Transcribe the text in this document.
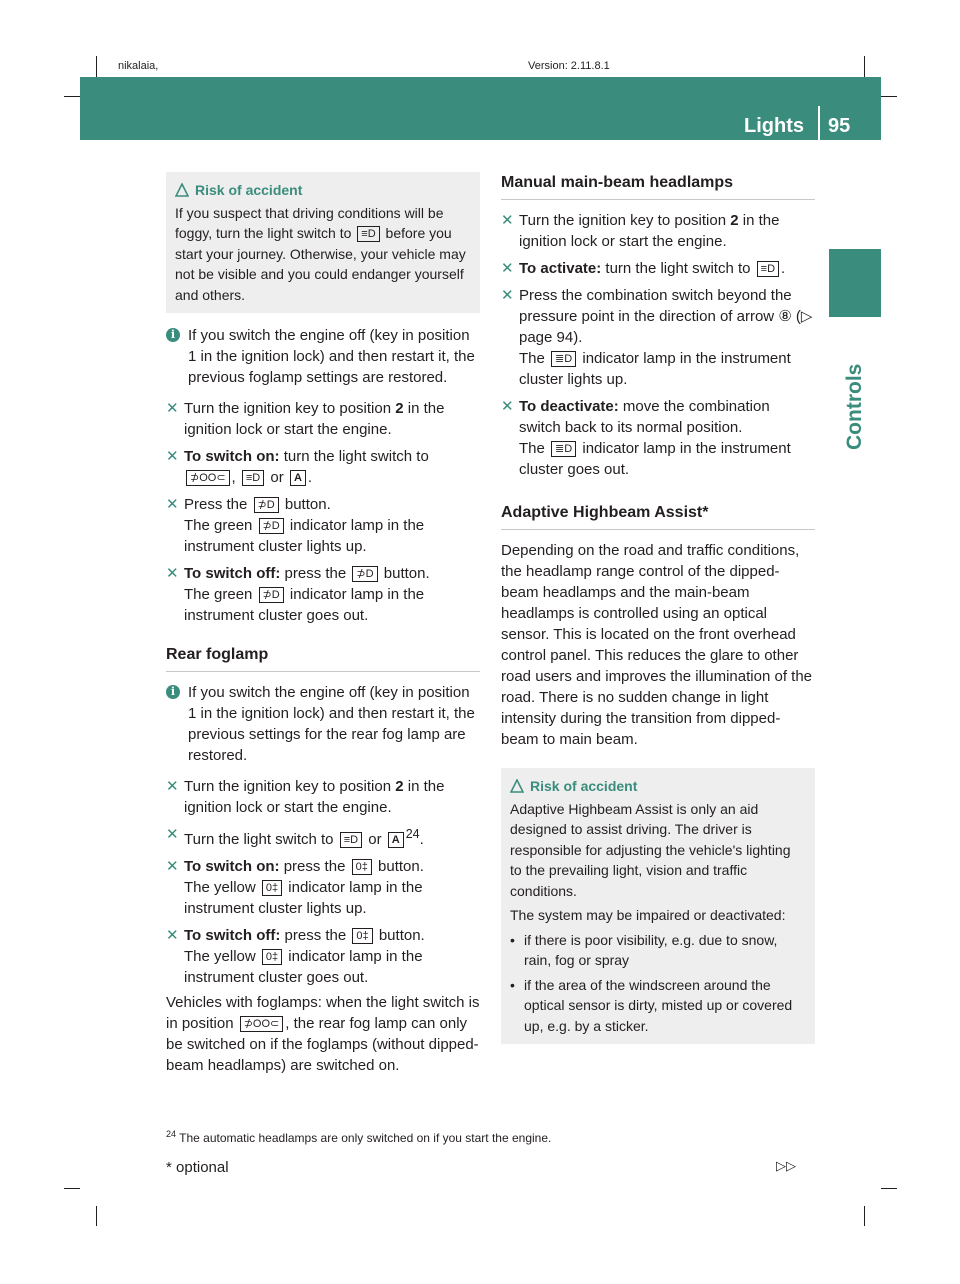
nikalaia,	Version: 2.11.8.1
Lights 95
Controls
Risk of accident

If you suspect that driving conditions will be foggy, turn the light switch to ≡D before you start your journey. Otherwise, your vehicle may not be visible and you could endanger yourself and others.

i If you switch the engine off (key in position 1 in the ignition lock) and then restart it, the previous foglamp settings are restored.

✕ Turn the ignition key to position 2 in the ignition lock or start the engine.
✕ To switch on: turn the light switch to
⊅OO⊂ , ≡D or A .
✕ Press the ⊅D button.
The green ⊅D indicator lamp in the instrument cluster lights up.
✕ To switch off: press the ⊅D button.
The green ⊅D indicator lamp in the instrument cluster goes out.
Rear foglamp
i If you switch the engine off (key in position 1 in the ignition lock) and then restart it, the previous settings for the rear fog lamp are restored.

✕ Turn the ignition key to position 2 in the ignition lock or start the engine.
✕ Turn the light switch to ≡D or A $^{24}$.
✕ To switch on: press the 0‡ button.
The yellow 0‡ indicator lamp in the instrument cluster lights up.
✕ To switch off: press the 0‡ button.
The yellow 0‡ indicator lamp in the instrument cluster goes out.

Vehicles with foglamps: when the light switch is in position ⊅OO⊂ , the rear fog lamp can only be switched on if the foglamps (without dipped-beam headlamps) are switched on.

Manual main-beam headlamps
✕ Turn the ignition key to position 2 in the ignition lock or start the engine.
✕ To activate: turn the light switch to ≡D .
✕ Press the combination switch beyond the pressure point in the direction of arrow ⑧ (▷ page 94).
The ≣D indicator lamp in the instrument cluster lights up.
✕ To deactivate: move the combination switch back to its normal position.
The ≣D indicator lamp in the instrument cluster goes out.
Adaptive Highbeam Assist*

Depending on the road and traffic conditions, the headlamp range control of the dipped-beam headlamps and the main-beam headlamps is controlled using an optical sensor. This is located on the front overhead control panel. This reduces the glare to other road users and improves the illumination of the road. There is no sudden change in light intensity during the transition from dipped-beam to main beam.

Risk of accident

Adaptive Highbeam Assist is only an aid designed to assist driving. The driver is responsible for adjusting the vehicle's lighting to the prevailing light, vision and traffic conditions.

The system may be impaired or deactivated:

• if there is poor visibility, e.g. due to snow, rain, fog or spray
• if the area of the windscreen around the optical sensor is dirty, misted up or covered up, e.g. by a sticker.
$^{24}$ The automatic headlamps are only switched on if you start the engine.
* optional	▷▷
